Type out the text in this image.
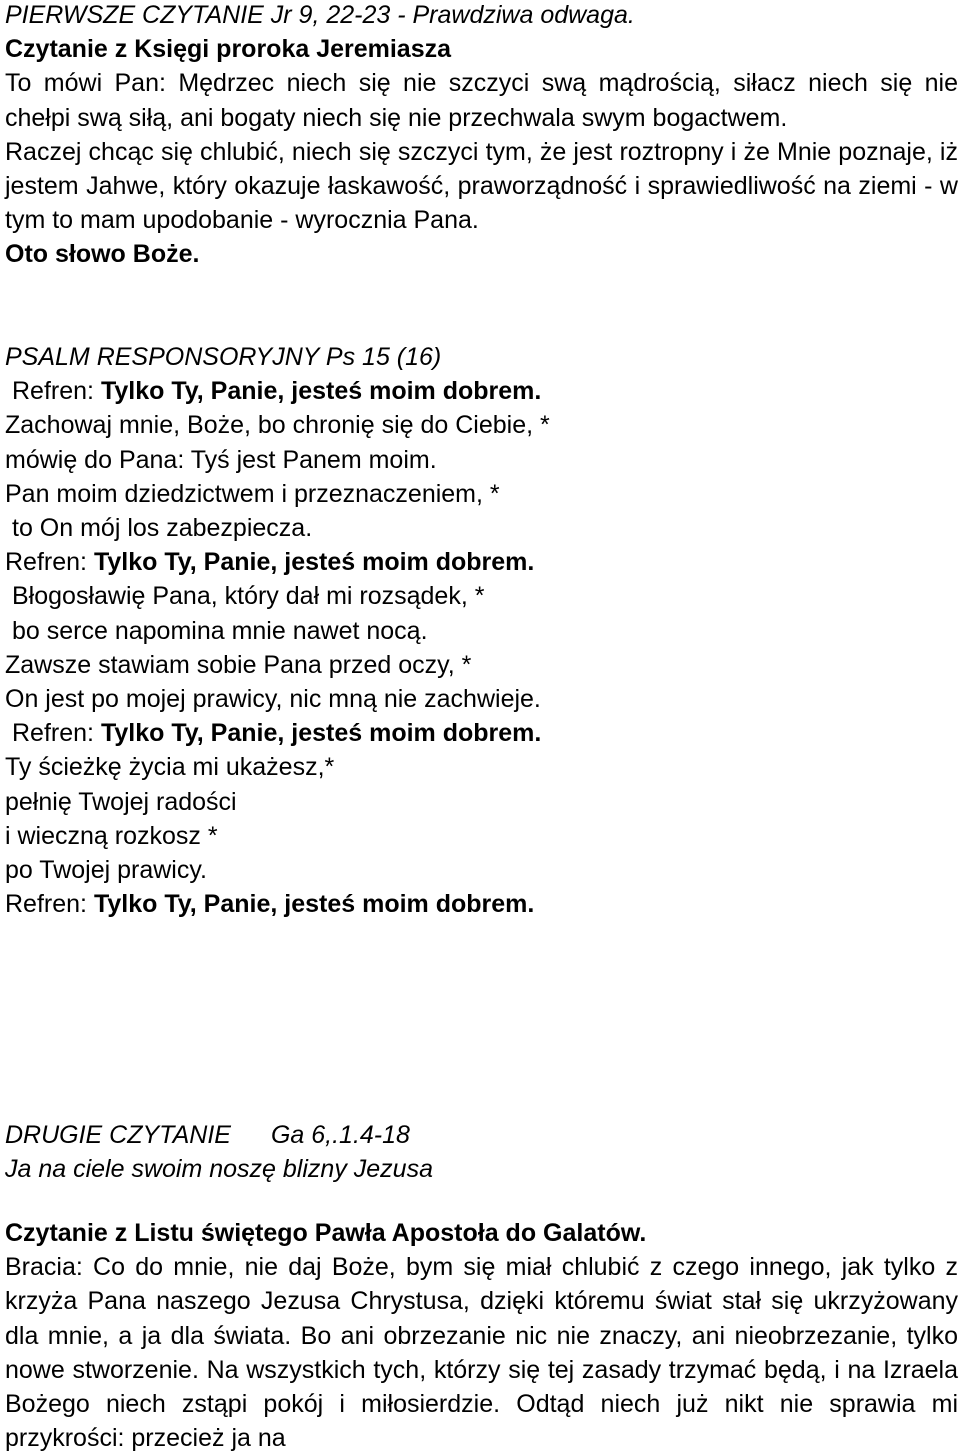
PIERWSZE CZYTANIE Jr 9, 22-23 - Prawdziwa odwaga.
Czytanie z Księgi proroka Jeremiasza
To mówi Pan: Mędrzec niech się nie szczyci swą mądrością, siłacz niech się nie chełpi swą siłą, ani bogaty niech się nie przechwala swym bogactwem.
Raczej chcąc się chlubić, niech się szczyci tym, że jest roztropny i że Mnie poznaje, iż jestem Jahwe, który okazuje łaskawość, praworządność i sprawiedliwość na ziemi - w tym to mam upodobanie - wyrocznia Pana.
Oto słowo Boże.
PSALM RESPONSORYJNY Ps 15 (16)
Refren: Tylko Ty, Panie, jesteś moim dobrem.
Zachowaj mnie, Boże, bo chronię się do Ciebie, *
mówię do Pana: Tyś jest Panem moim.
Pan moim dziedzictwem i przeznaczeniem, *
to On mój los zabezpiecza.
Refren: Tylko Ty, Panie, jesteś moim dobrem.
Błogosławię Pana, który dał mi rozsądek, *
bo serce napomina mnie nawet nocą.
Zawsze stawiam sobie Pana przed oczy, *
On jest po mojej prawicy, nic mną nie zachwieje.
Refren: Tylko Ty, Panie, jesteś moim dobrem.
Ty ścieżkę życia mi ukażesz,*
pełnię Twojej radości
i wieczną rozkosz *
po Twojej prawicy.
Refren: Tylko Ty, Panie, jesteś moim dobrem.
DRUGIE CZYTANIE Ga 6,.1.4-18
Ja na ciele swoim noszę blizny Jezusa
Czytanie z Listu świętego Pawła Apostoła do Galatów.
Bracia: Co do mnie, nie daj Boże, bym się miał chlubić z czego innego, jak tylko z krzyża Pana naszego Jezusa Chrystusa, dzięki któremu świat stał się ukrzyżowany dla mnie, a ja dla świata. Bo ani obrzezanie nic nie znaczy, ani nieobrzezanie, tylko nowe stworzenie. Na wszystkich tych, którzy się tej zasady trzymać będą, i na Izraela Bożego niech zstąpi pokój i miłosierdzie. Odtąd niech już nikt nie sprawia mi przykrości: przecież ja na
